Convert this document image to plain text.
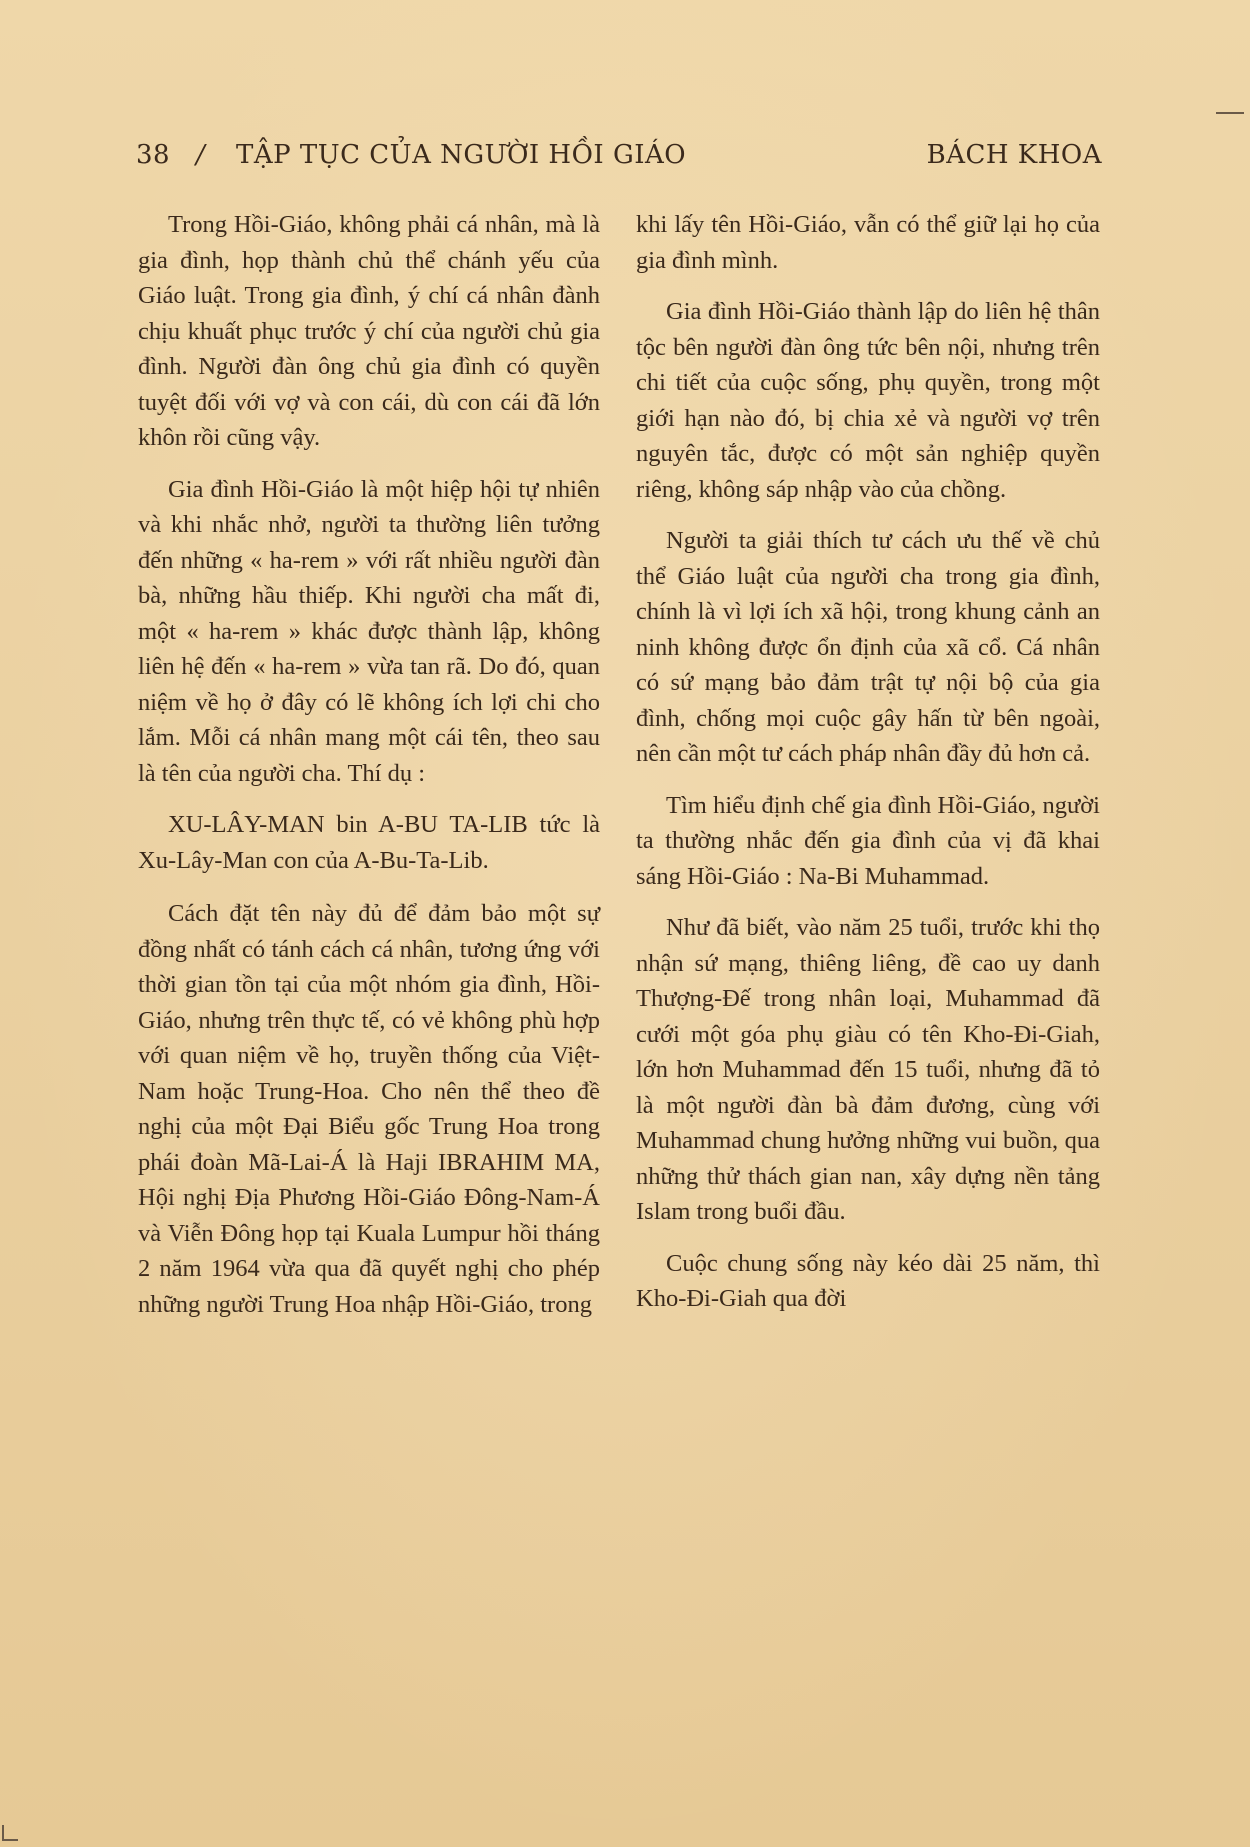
38 / TẬP TỤC CỦA NGƯỜI HỒI GIÁO	BÁCH KHOA

Trong Hồi-Giáo, không phải cá nhân, mà là gia đình, họp thành chủ thể chánh yếu của Giáo luật. Trong gia đình, ý chí cá nhân đành chịu khuất phục trước ý chí của người chủ gia đình. Người đàn ông chủ gia đình có quyền tuyệt đối với vợ và con cái, dù con cái đã lớn khôn rồi cũng vậy.

Gia đình Hồi-Giáo là một hiệp hội tự nhiên và khi nhắc nhở, người ta thường liên tưởng đến những « ha-rem » với rất nhiều người đàn bà, những hầu thiếp. Khi người cha mất đi, một « ha-rem » khác được thành lập, không liên hệ đến « ha-rem » vừa tan rã. Do đó, quan niệm về họ ở đây có lẽ không ích lợi chi cho lắm. Mỗi cá nhân mang một cái tên, theo sau là tên của người cha. Thí dụ :

XU-LÂY-MAN bin A-BU TA-LIB tức là Xu-Lây-Man con của A-Bu-Ta-Lib.

Cách đặt tên này đủ để đảm bảo một sự đồng nhất có tánh cách cá nhân, tương ứng với thời gian tồn tại của một nhóm gia đình, Hồi-Giáo, nhưng trên thực tế, có vẻ không phù hợp với quan niệm về họ, truyền thống của Việt-Nam hoặc Trung-Hoa. Cho nên thể theo đề nghị của một Đại Biểu gốc Trung Hoa trong phái đoàn Mã-Lai-Á là Haji IBRAHIM MA, Hội nghị Địa Phương Hồi-Giáo Đông-Nam-Á và Viễn Đông họp tại Kuala Lumpur hồi tháng 2 năm 1964 vừa qua đã quyết nghị cho phép những người Trung Hoa nhập Hồi-Giáo, trong

khi lấy tên Hồi-Giáo, vẫn có thể giữ lại họ của gia đình mình.

Gia đình Hồi-Giáo thành lập do liên hệ thân tộc bên người đàn ông tức bên nội, nhưng trên chi tiết của cuộc sống, phụ quyền, trong một giới hạn nào đó, bị chia xẻ và người vợ trên nguyên tắc, được có một sản nghiệp quyền riêng, không sáp nhập vào của chồng.

Người ta giải thích tư cách ưu thế về chủ thể Giáo luật của người cha trong gia đình, chính là vì lợi ích xã hội, trong khung cảnh an ninh không được ổn định của xã cổ. Cá nhân có sứ mạng bảo đảm trật tự nội bộ của gia đình, chống mọi cuộc gây hấn từ bên ngoài, nên cần một tư cách pháp nhân đầy đủ hơn cả.

Tìm hiểu định chế gia đình Hồi-Giáo, người ta thường nhắc đến gia đình của vị đã khai sáng Hồi-Giáo : Na-Bi Muhammad.

Như đã biết, vào năm 25 tuổi, trước khi thọ nhận sứ mạng, thiêng liêng, đề cao uy danh Thượng-Đế trong nhân loại, Muhammad đã cưới một góa phụ giàu có tên Kho-Đi-Giah, lớn hơn Muhammad đến 15 tuổi, nhưng đã tỏ là một người đàn bà đảm đương, cùng với Muhammad chung hưởng những vui buồn, qua những thử thách gian nan, xây dựng nền tảng Islam trong buổi đầu.

Cuộc chung sống này kéo dài 25 năm, thì Kho-Đi-Giah qua đời
